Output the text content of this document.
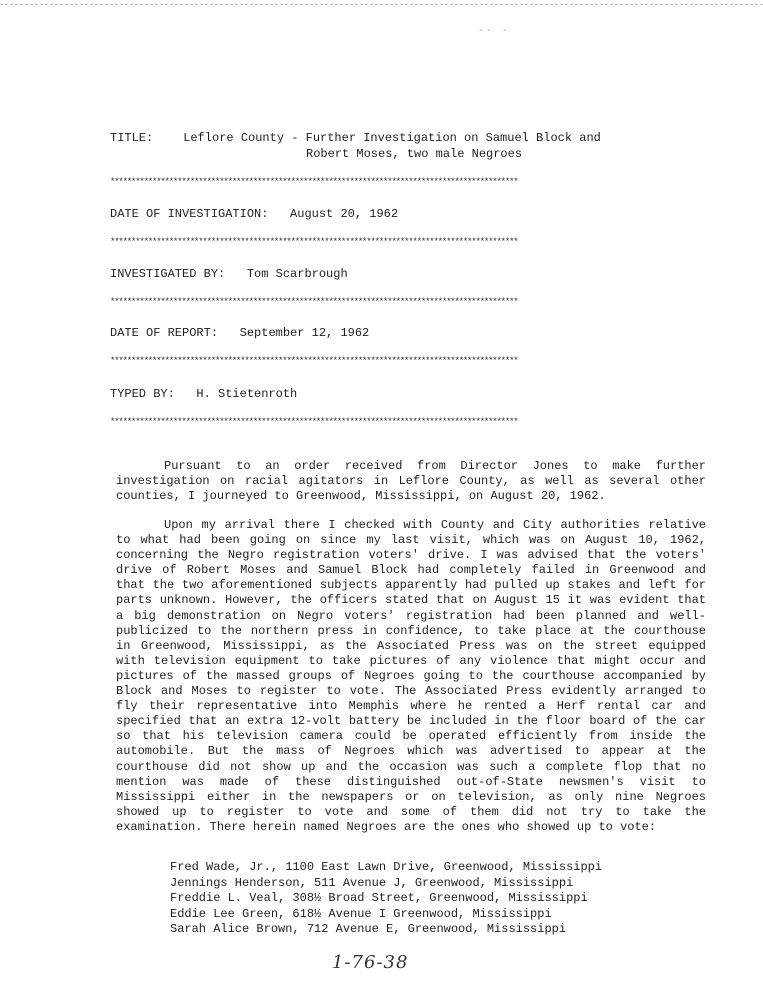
-- -
TITLE: Leflore County - Further Investigation on Samuel Block and
Robert Moses, two male Negroes
*************************************************************************************************
DATE OF INVESTIGATION: August 20, 1962
*************************************************************************************************
INVESTIGATED BY: Tom Scarbrough
*************************************************************************************************
DATE OF REPORT: September 12, 1962
*************************************************************************************************
TYPED BY: H. Stietenroth
*************************************************************************************************

Pursuant to an order received from Director Jones to make further investigation on racial agitators in Leflore County, as well as several other counties, I journeyed to Greenwood, Mississippi, on August 20, 1962.

Upon my arrival there I checked with County and City authorities relative to what had been going on since my last visit, which was on August 10, 1962, concerning the Negro registration voters' drive. I was advised that the voters' drive of Robert Moses and Samuel Block had completely failed in Greenwood and that the two aforementioned subjects apparently had pulled up stakes and left for parts unknown. However, the officers stated that on August 15 it was evident that a big demonstration on Negro voters' registration had been planned and well-publicized to the northern press in confidence, to take place at the courthouse in Greenwood, Mississippi, as the Associated Press was on the street equipped with television equipment to take pictures of any violence that might occur and pictures of the massed groups of Negroes going to the courthouse accompanied by Block and Moses to register to vote. The Associated Press evidently arranged to fly their representative into Memphis where he rented a Herf rental car and specified that an extra 12-volt battery be included in the floor board of the car so that his television camera could be operated efficiently from inside the automobile. But the mass of Negroes which was advertised to appear at the courthouse did not show up and the occasion was such a complete flop that no mention was made of these distinguished out-of-State newsmen's visit to Mississippi either in the newspapers or on television, as only nine Negroes showed up to register to vote and some of them did not try to take the examination. There herein named Negroes are the ones who showed up to vote:

Fred Wade, Jr., 1100 East Lawn Drive, Greenwood, Mississippi
Jennings Henderson, 511 Avenue J, Greenwood, Mississippi
Freddie L. Veal, 308½ Broad Street, Greenwood, Mississippi
Eddie Lee Green, 618½ Avenue I Greenwood, Mississippi
Sarah Alice Brown, 712 Avenue E, Greenwood, Mississippi
1-76-38
